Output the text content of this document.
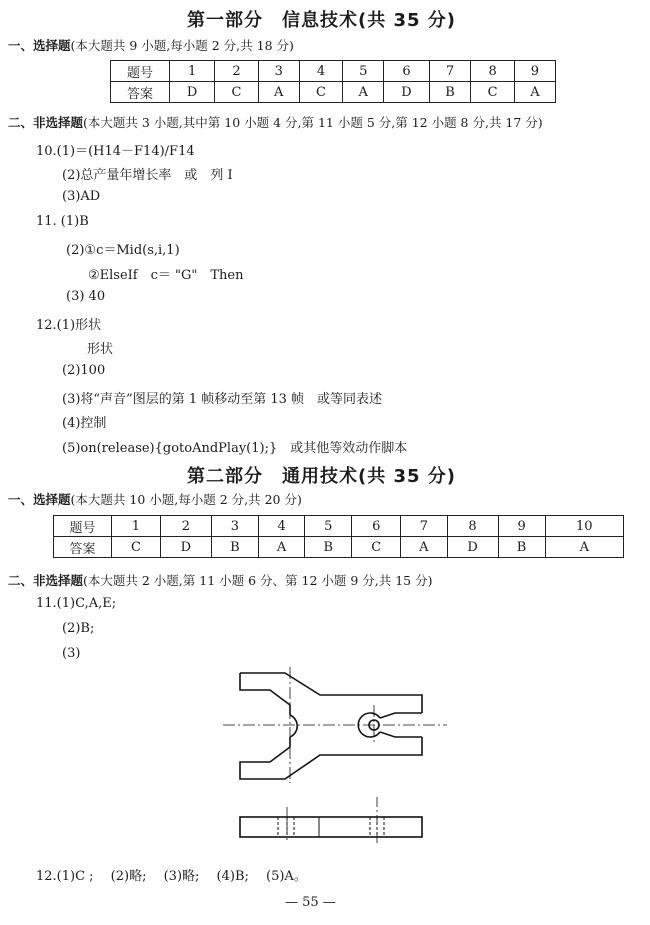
第一部分　信息技术(共 35 分)
一、选择题(本大题共 9 小题,每小题 2 分,共 18 分)
题号	1	2	3	4	5	6	7	8	9
答案	D	C	A	C	A	D	B	C	A
二、非选择题(本大题共 3 小题,其中第 10 小题 4 分,第 11 小题 5 分,第 12 小题 8 分,共 17 分)
10.(1)＝(H14－F14)/F14
(2)总产量年增长率　或　列 I
(3)AD
11. (1)B
(2)①c＝Mid(s,i,1)
②ElseIf　c＝ "G"　Then
(3) 40
12.(1)形状
形状
(2)100
(3)将“声音”图层的第 1 帧移动至第 13 帧　或等同表述
(4)控制
(5)on(release){gotoAndPlay(1);}　或其他等效动作脚本
第二部分　通用技术(共 35 分)
一、选择题(本大题共 10 小题,每小题 2 分,共 20 分)
题号	1	2	3	4	5	6	7	8	9	10
答案	C	D	B	A	B	C	A	D	B	A
二、非选择题(本大题共 2 小题,第 11 小题 6 分、第 12 小题 9 分,共 15 分)
11.(1)C,A,E;
(2)B;
(3)
12.(1)C ;　 (2)略;　 (3)略;　 (4)B;　 (5)A。
— 55 —
